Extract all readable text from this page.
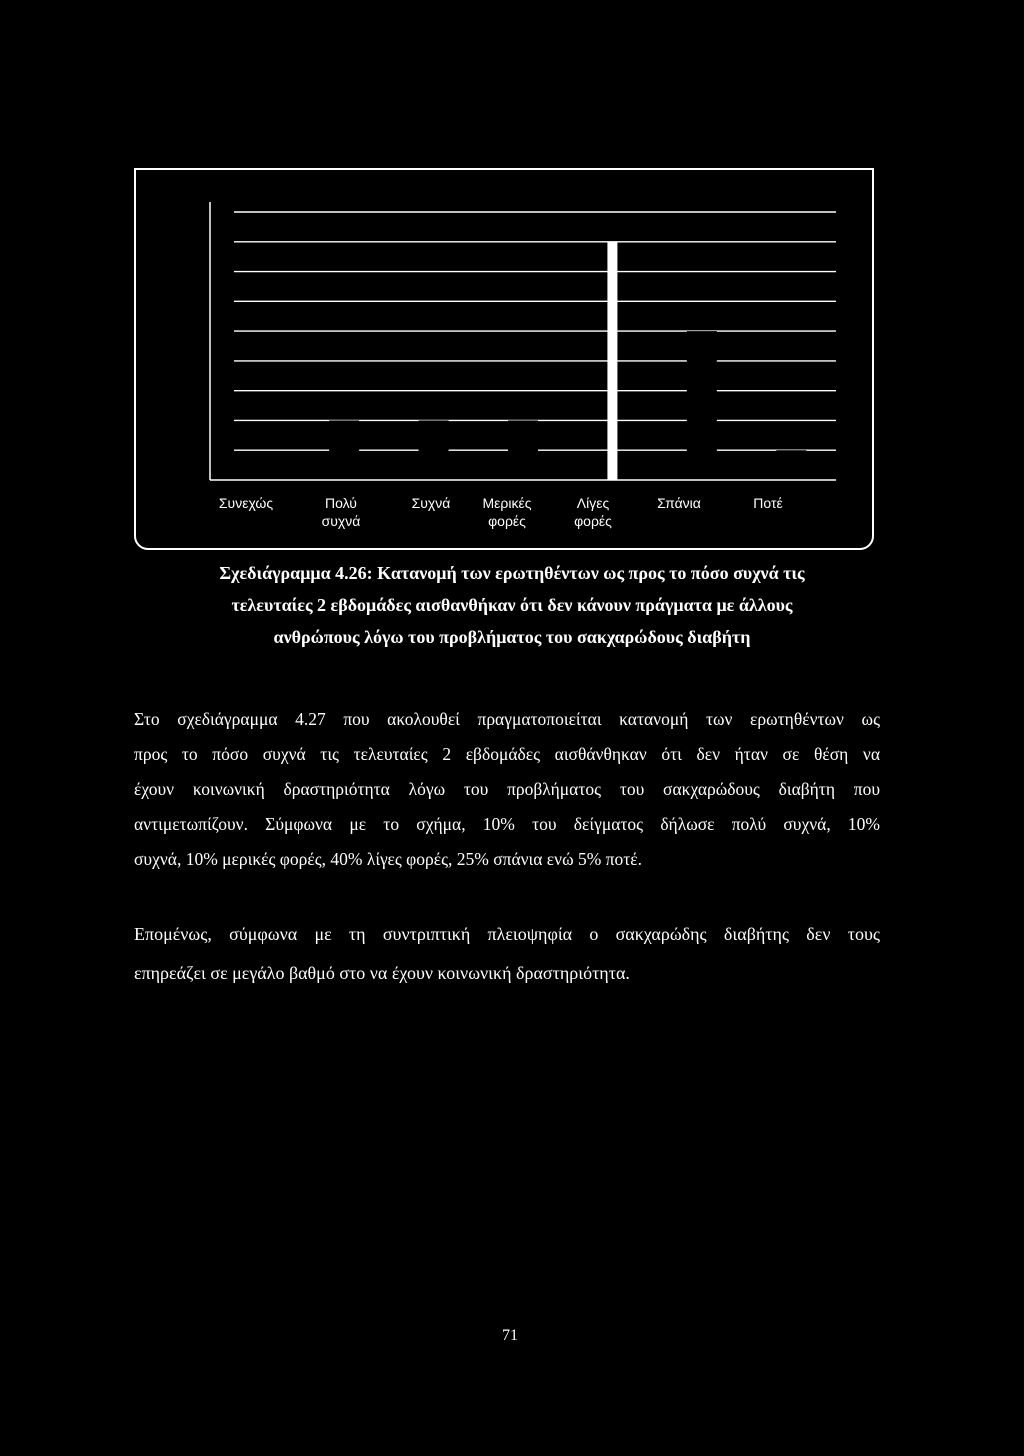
Συνεχώς	Πολύ
συχνά
Συχνά	Μερικές
φορές
Λίγες
φορές
Σπάνια	Ποτέ
Σχεδιάγραμμα 4.26: Κατανομή των ερωτηθέντων ως προς το πόσο συχνά τις
τελευταίες 2 εβδομάδες αισθανθήκαν ότι δεν κάνουν πράγματα με άλλους
ανθρώπους λόγω του προβλήματος του σακχαρώδους διαβήτη
Στο σχεδιάγραμμα 4.27 που ακολουθεί πραγματοποιείται κατανομή των ερωτηθέντων ως
προς το πόσο συχνά τις τελευταίες 2 εβδομάδες αισθάνθηκαν ότι δεν ήταν σε θέση να
έχουν κοινωνική δραστηριότητα λόγω του προβλήματος του σακχαρώδους διαβήτη που
αντιμετωπίζουν. Σύμφωνα με το σχήμα, 10% του δείγματος δήλωσε πολύ συχνά, 10%
συχνά, 10% μερικές φορές, 40% λίγες φορές, 25% σπάνια ενώ 5% ποτέ.
Επομένως, σύμφωνα με τη συντριπτική πλειοψηφία ο σακχαρώδης διαβήτης δεν τους
επηρεάζει σε μεγάλο βαθμό στο να έχουν κοινωνική δραστηριότητα.
71
